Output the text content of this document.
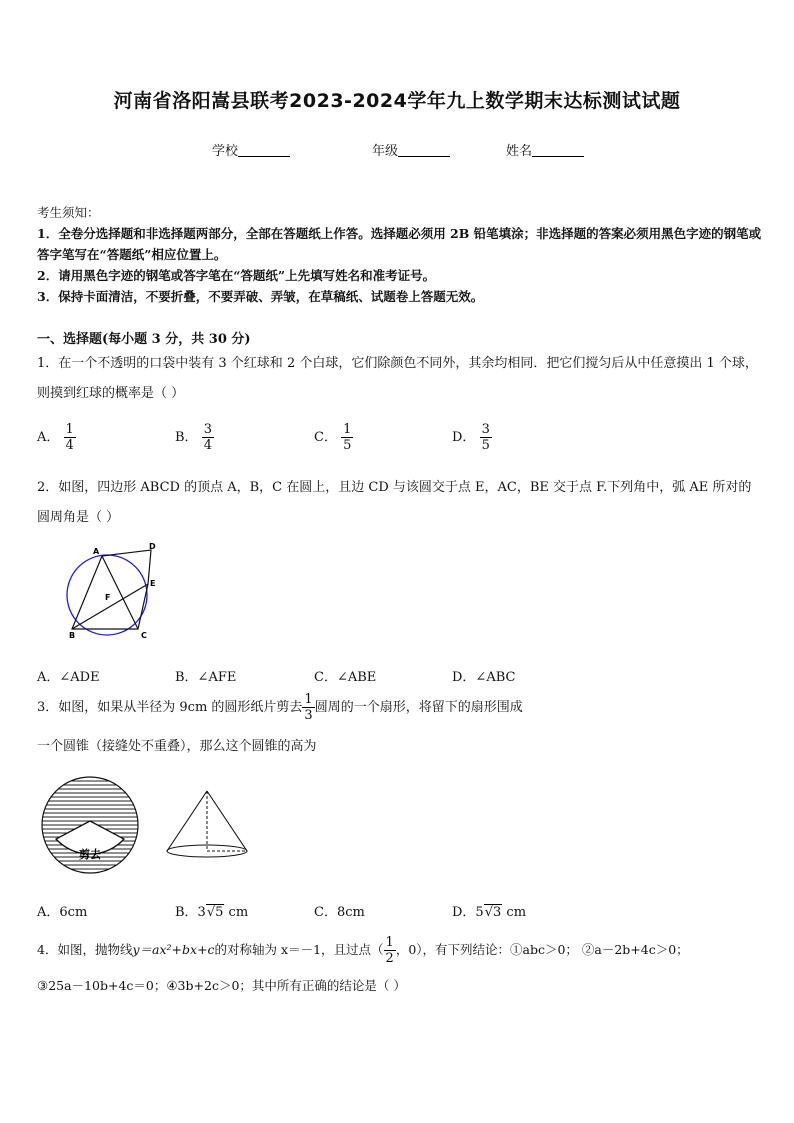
河南省洛阳嵩县联考2023-2024学年九上数学期末达标测试试题
学校	年级	姓名
考生须知：
1．全卷分选择题和非选择题两部分，全部在答题纸上作答。选择题必须用 2B 铅笔填涂；非选择题的答案必须用黑色字迹的钢笔或答字笔写在“答题纸”相应位置上。
2．请用黑色字迹的钢笔或答字笔在“答题纸”上先填写姓名和准考证号。
3．保持卡面清洁，不要折叠，不要弄破、弄皱，在草稿纸、试题卷上答题无效。
一、选择题(每小题 3 分，共 30 分)
1．在一个不透明的口袋中装有 3 个红球和 2 个白球，它们除颜色不同外，其余均相同．把它们搅匀后从中任意摸出 1 个球，则摸到红球的概率是（ ）
A． $\frac{1}{4}$	B． $\frac{3}{4}$	C． $\frac{1}{5}$	D． $\frac{3}{5}$
2．如图，四边形 ABCD 的顶点 A，B，C 在圆上，且边 CD 与该圆交于点 E，AC，BE 交于点 F.下列角中，弧 AE 所对的圆周角是（ ）
A
B	C
D
E
F
A．∠ADE	B．∠AFE	C．∠ABE	D．∠ABC
3．如图，如果从半径为 9cm 的圆形纸片剪去 $\frac{1}{3}$ 圆周的一个扇形，将留下的扇形围成
一个圆锥（接缝处不重叠），那么这个圆锥的高为
剪去
A．6cm	B．3√5 cm	C．8cm	D．5√3 cm
4．如图，抛物线y＝ax²+bx+c的对称轴为 x＝－1，且过点（ $\frac{1}{2}$ ，0），有下列结论：①abc＞0； ②a－2b+4c＞0；
③25a－10b+4c＝0；④3b+2c＞0；其中所有正确的结论是（ ）
